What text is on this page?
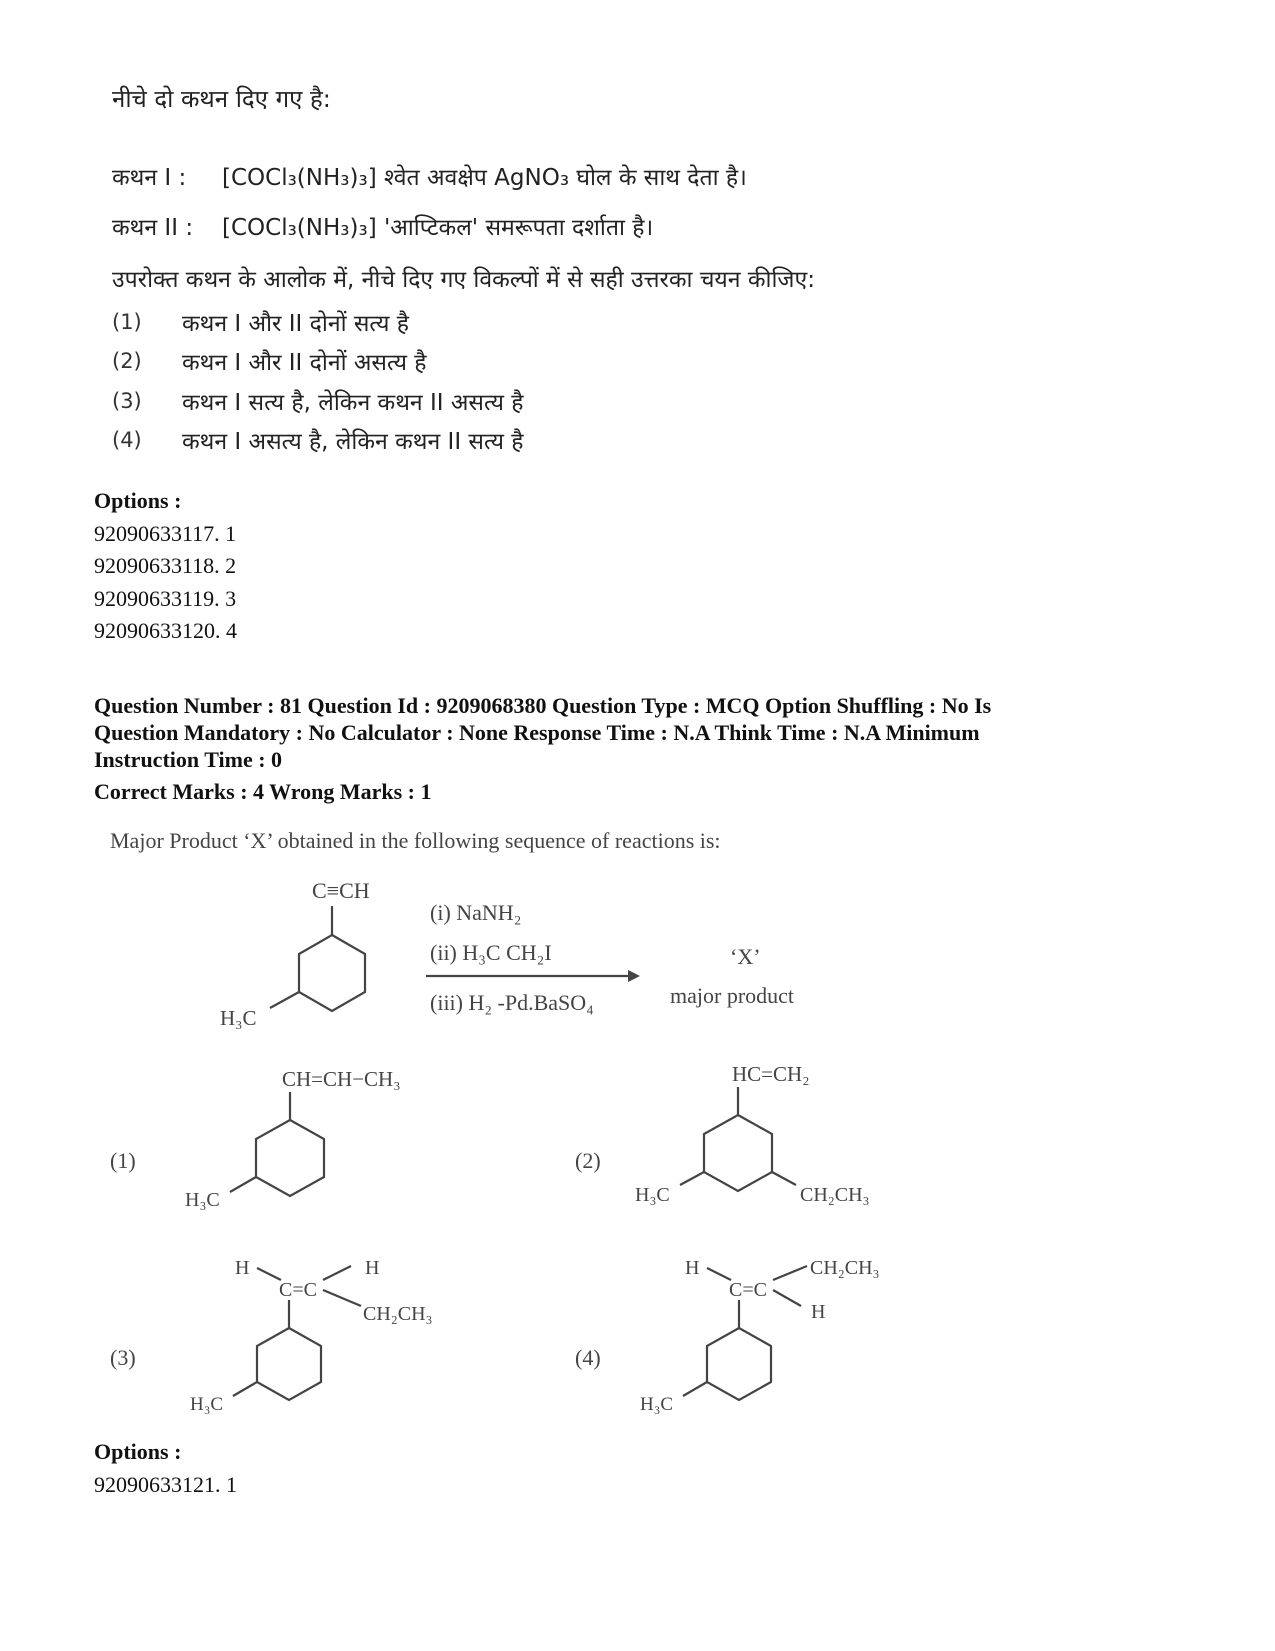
नीचे दो कथन दिए गए है:
कथन I : [COCl₃(NH₃)₃] श्वेत अवक्षेप AgNO₃ घोल के साथ देता है।
कथन II : [COCl₃(NH₃)₃] 'आप्टिकल' समरूपता दर्शाता है।
उपरोक्त कथन के आलोक में, नीचे दिए गए विकल्पों में से सही उत्तरका चयन कीजिए:
(1) कथन I और II दोनों सत्य है
(2) कथन I और II दोनों असत्य है
(3) कथन I सत्य है, लेकिन कथन II असत्य है
(4) कथन I असत्य है, लेकिन कथन II सत्य है
Options :
92090633117. 1
92090633118. 2
92090633119. 3
92090633120. 4
Question Number : 81 Question Id : 9209068380 Question Type : MCQ Option Shuffling : No Is
Question Mandatory : No Calculator : None Response Time : N.A Think Time : N.A Minimum
Instruction Time : 0
Correct Marks : 4 Wrong Marks : 1
Major Product ‘X’ obtained in the following sequence of reactions is:
C≡CH
H₃C
(i) NaNH₂
(ii) H₃C CH₂I
(iii) H₂ -Pd.BaSO₄
‘X’
major product
(1)
CH=CH−CH₃
H₃C
(2)
HC=CH₂
H₃C	CH₂CH₃
(3)
C=C
H	H
CH₂CH₃
H₃C
(4)
C=C
H	CH₂CH₃
H
H₃C
Options :
92090633121. 1
